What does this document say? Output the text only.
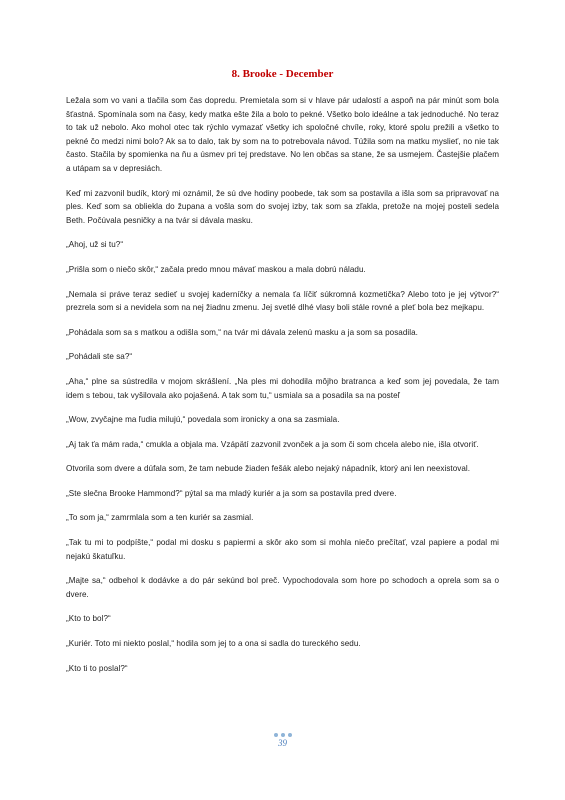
8. Brooke - December

Ležala som vo vani a tlačila som čas dopredu. Premietala som si v hlave pár udalostí a aspoň na pár minút som bola šťastná. Spomínala som na časy, kedy matka ešte žila a bolo to pekné. Všetko bolo ideálne a tak jednoduché. No teraz to tak už nebolo. Ako mohol otec tak rýchlo vymazať všetky ich spoločné chvíle, roky, ktoré spolu prežili a všetko to pekné čo medzi nimi bolo? Ak sa to dalo, tak by som na to potrebovala návod. Túžila som na matku myslieť, no nie tak často. Stačila by spomienka na ňu a úsmev pri tej predstave. No len občas sa stane, že sa usmejem. Častejšie plačem a utápam sa v depresiách.

Keď mi zazvonil budík, ktorý mi oznámil, že sú dve hodiny poobede, tak som sa postavila a išla som sa pripravovať na ples. Keď som sa obliekla do župana a vošla som do svojej izby, tak som sa zľakla, pretože na mojej posteli sedela Beth. Počúvala pesničky a na tvár si dávala masku.

„Ahoj, už si tu?“

„Prišla som o niečo skôr,“ začala predo mnou mávať maskou a mala dobrú náladu.

„Nemala si práve teraz sedieť u svojej kaderníčky a nemala ťa líčiť súkromná kozmetička? Alebo toto je jej výtvor?“ prezrela som si a nevidela som na nej žiadnu zmenu. Jej svetlé dlhé vlasy boli stále rovné a pleť bola bez mejkapu.

„Pohádala som sa s matkou a odišla som,“ na tvár mi dávala zelenú masku a ja som sa posadila.

„Pohádali ste sa?“

„Aha,“ plne sa sústredila v mojom skrášlení. „Na ples mi dohodila môjho bratranca a keď som jej povedala, že tam idem s tebou, tak vyšilovala ako pojašená. A tak som tu,“ usmiala sa a posadila sa na posteľ

„Wow, zvyčajne ma ľudia milujú,“ povedala som ironicky a ona sa zasmiala.

„Aj tak ťa mám rada,“ cmukla a objala ma. Vzápätí zazvonil zvonček a ja som či som chcela alebo nie, išla otvoriť.

Otvorila som dvere a dúfala som, že tam nebude žiaden fešák alebo nejaký nápadník, ktorý ani len neexistoval.

„Ste slečna Brooke Hammond?“ pýtal sa ma mladý kuriér a ja som sa postavila pred dvere.

„To som ja,“ zamrmlala som a ten kuriér sa zasmial.

„Tak tu mi to podpíšte,“ podal mi dosku s papiermi a skôr ako som si mohla niečo prečítať, vzal papiere a podal mi nejakú škatuľku.

„Majte sa,“ odbehol k dodávke a do pár sekúnd bol preč. Vypochodovala som hore po schodoch a oprela som sa o dvere.

„Kto to bol?“

„Kuriér. Toto mi niekto poslal,“ hodila som jej to a ona si sadla do tureckého sedu.

„Kto ti to poslal?“

39
